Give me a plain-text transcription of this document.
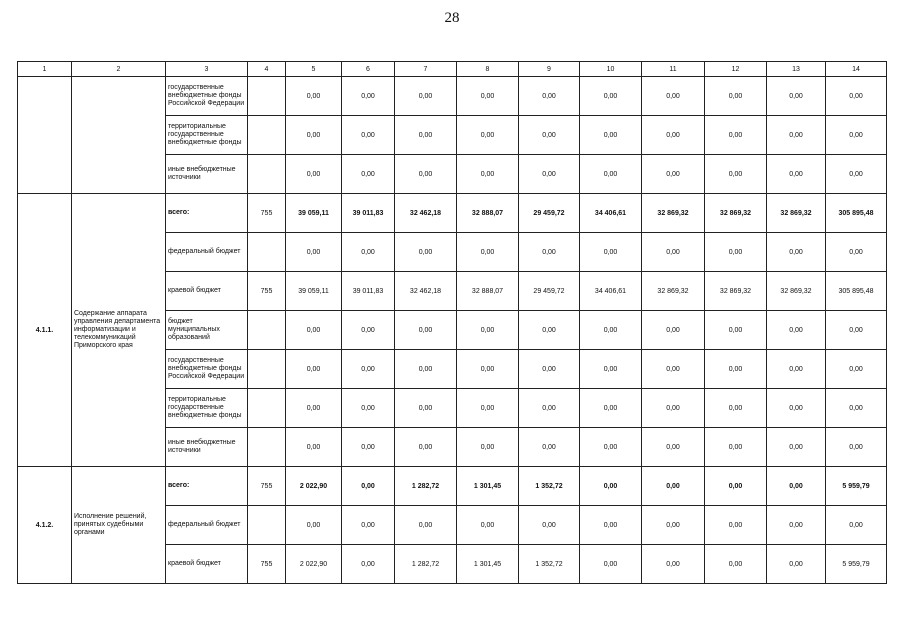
28
1	2	3	4	5	6	7	8	9	10	11	12	13	14
		государственные внебюджетные фонды Российской Федерации		0,00	0,00	0,00	0,00	0,00	0,00	0,00	0,00	0,00	0,00
		территориальные государственные внебюджетные фонды		0,00	0,00	0,00	0,00	0,00	0,00	0,00	0,00	0,00	0,00
		иные внебюджетные источники		0,00	0,00	0,00	0,00	0,00	0,00	0,00	0,00	0,00	0,00
4.1.1.	Содержание аппарата управления департамента информатизации и телекоммуникаций Приморского края	всего:	755	39 059,11	39 011,83	32 462,18	32 888,07	29 459,72	34 406,61	32 869,32	32 869,32	32 869,32	305 895,48
		федеральный бюджет		0,00	0,00	0,00	0,00	0,00	0,00	0,00	0,00	0,00	0,00
		краевой бюджет	755	39 059,11	39 011,83	32 462,18	32 888,07	29 459,72	34 406,61	32 869,32	32 869,32	32 869,32	305 895,48
		бюджет муниципальных образований		0,00	0,00	0,00	0,00	0,00	0,00	0,00	0,00	0,00	0,00
		государственные внебюджетные фонды Российской Федерации		0,00	0,00	0,00	0,00	0,00	0,00	0,00	0,00	0,00	0,00
		территориальные государственные внебюджетные фонды		0,00	0,00	0,00	0,00	0,00	0,00	0,00	0,00	0,00	0,00
		иные внебюджетные источники		0,00	0,00	0,00	0,00	0,00	0,00	0,00	0,00	0,00	0,00
4.1.2.	Исполнение решений, принятых судебными органами	всего:	755	2 022,90	0,00	1 282,72	1 301,45	1 352,72	0,00	0,00	0,00	0,00	5 959,79
		федеральный бюджет		0,00	0,00	0,00	0,00	0,00	0,00	0,00	0,00	0,00	0,00
		краевой бюджет	755	2 022,90	0,00	1 282,72	1 301,45	1 352,72	0,00	0,00	0,00	0,00	5 959,79
